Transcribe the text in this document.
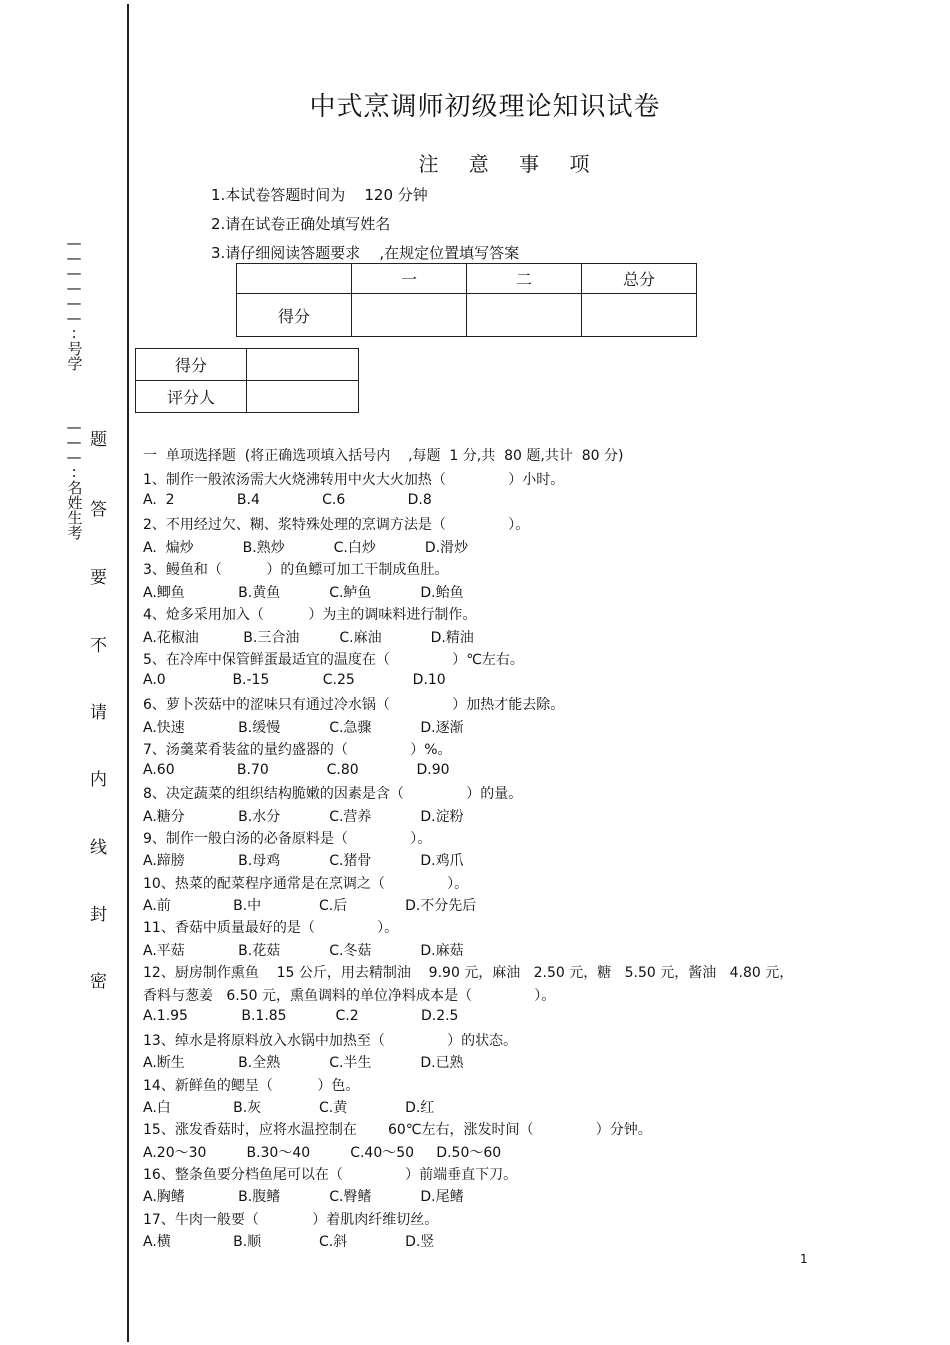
—
—
—
—
—
—
:
号学
—
—
—
:
名姓生考
题
答
要
不
请
内
线
封
密
中式烹调师初级理论知识试卷
注 意 事 项
1.本试卷答题时间为    120 分钟
2.请在试卷正确处填写姓名
3.请仔细阅读答题要求    ,在规定位置填写答案
	一	二	总分
得分			
得分	
评分人	
一  单项选择题  (将正确选项填入括号内    ,每题  1 分,共  80 题,共计  80 分)
1、制作一般浓汤需大火烧沸转用中火大火加热（              ）小时。
A.  2              B.4              C.6              D.8
2、不用经过欠、糊、浆特殊处理的烹调方法是（              ）。
A.  煸炒           B.熟炒           C.白炒           D.滑炒
3、鳗鱼和（          ）的鱼鳔可加工干制成鱼肚。
A.鲫鱼            B.黄鱼           C.鲈鱼           D.鲐鱼
4、炝多采用加入（          ）为主的调味料进行制作。
A.花椒油          B.三合油         C.麻油           D.精油
5、在冷库中保管鲜蛋最适宜的温度在（              ）℃左右。
A.0               B.-15            C.25             D.10
6、萝卜茨菇中的涩味只有通过冷水锅（              ）加热才能去除。
A.快速            B.缓慢           C.急骤           D.逐渐
7、汤羹菜肴装盆的量约盛器的（              ）%。
A.60              B.70             C.80             D.90
8、决定蔬菜的组织结构脆嫩的因素是含（              ）的量。
A.糖分            B.水分           C.营养           D.淀粉
9、制作一般白汤的必备原料是（              ）。
A.蹄膀            B.母鸡           C.猪骨           D.鸡爪
10、热菜的配菜程序通常是在烹调之（              ）。
A.前              B.中             C.后             D.不分先后
11、香菇中质量最好的是（              ）。
A.平菇            B.花菇           C.冬菇           D.麻菇
12、厨房制作熏鱼    15 公斤，用去精制油    9.90 元，麻油   2.50 元，糖   5.50 元，酱油   4.80 元，
香料与葱姜   6.50 元，熏鱼调料的单位净料成本是（              ）。
A.1.95            B.1.85           C.2              D.2.5
13、绰水是将原料放入水锅中加热至（              ）的状态。
A.断生            B.全熟           C.半生           D.已熟
14、新鲜鱼的鳃呈（          ）色。
A.白              B.灰             C.黄             D.红
15、涨发香菇时，应将水温控制在       60℃左右，涨发时间（              ）分钟。
A.20～30         B.30～40         C.40～50     D.50～60
16、整条鱼要分档鱼尾可以在（              ）前端垂直下刀。
A.胸鳍            B.腹鳍           C.臀鳍           D.尾鳍
17、牛肉一般要（            ）着肌肉纤维切丝。
A.横              B.顺             C.斜             D.竖
1
